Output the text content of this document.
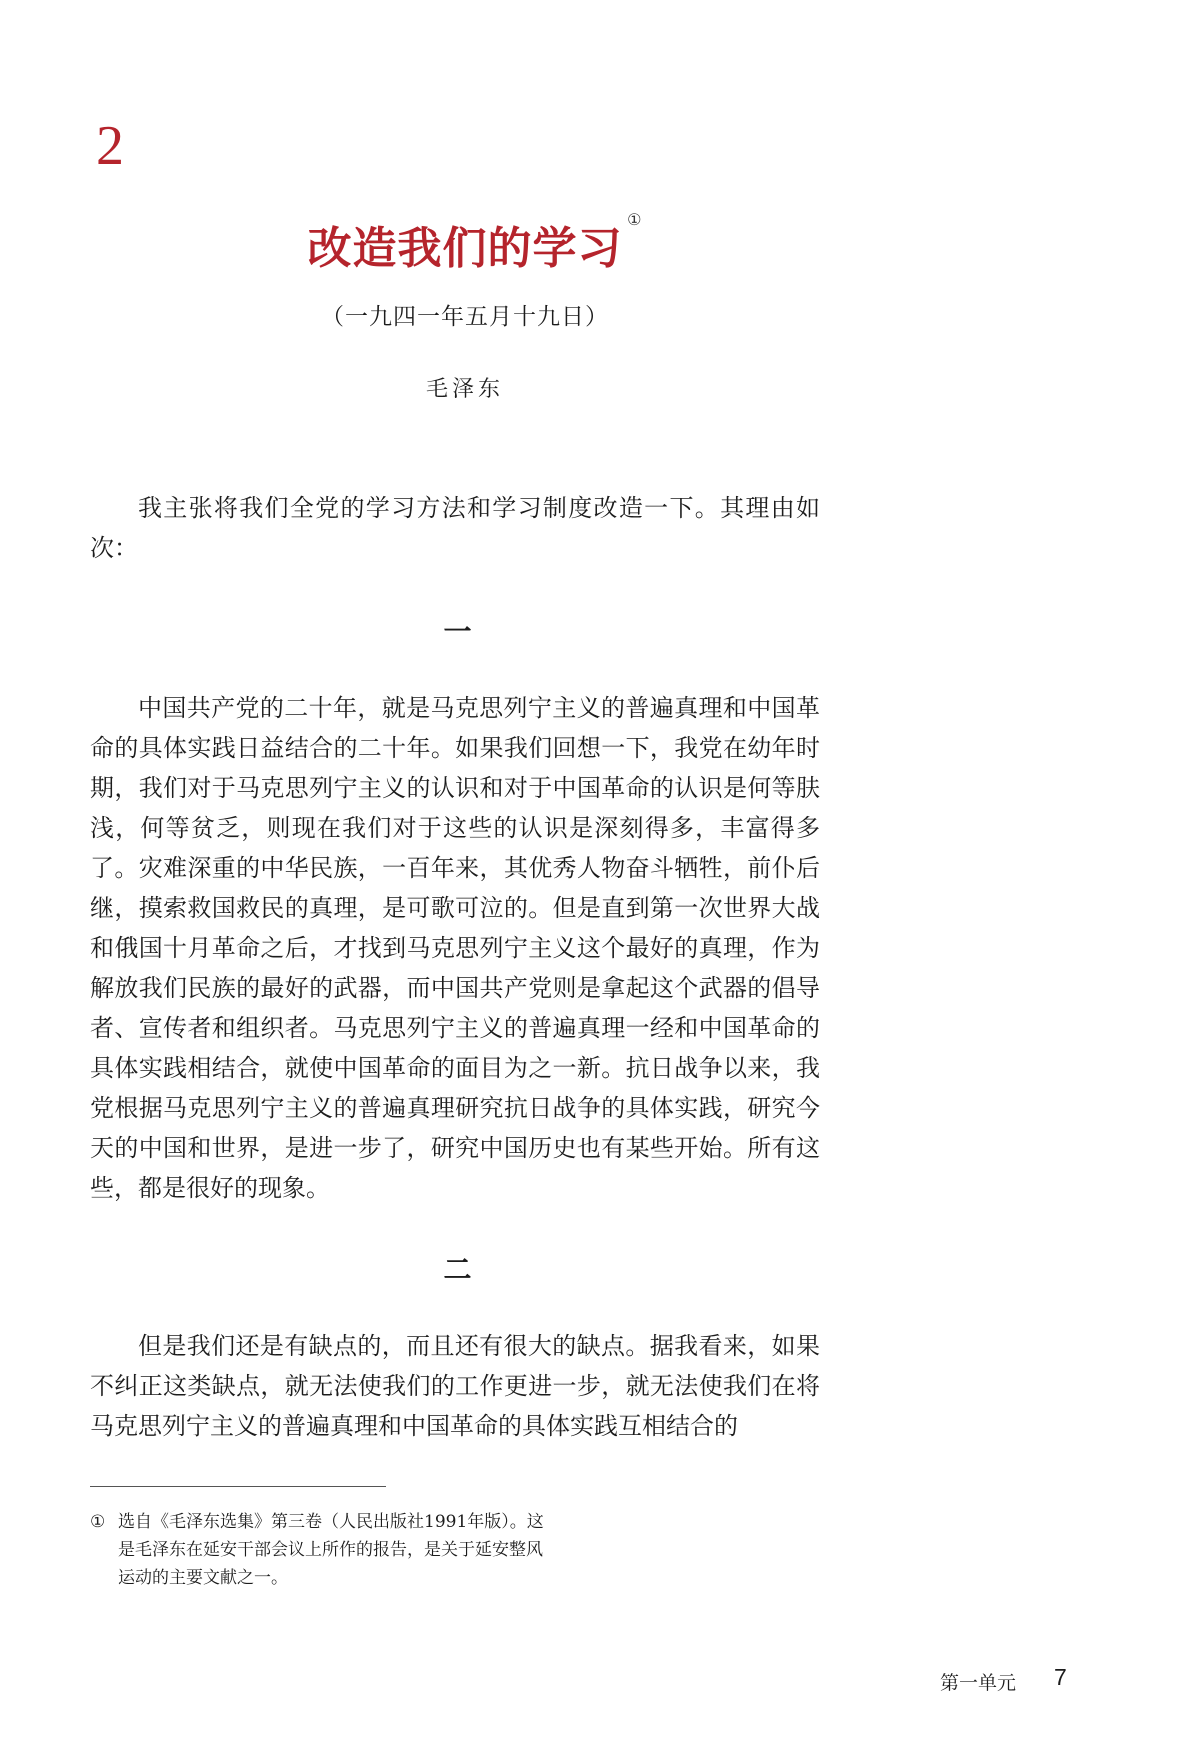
2
改造我们的学习
①
（一九四一年五月十九日）
毛泽东

我主张将我们全党的学习方法和学习制度改造一下。其理由如次：

一

中国共产党的二十年，就是马克思列宁主义的普遍真理和中国革命的具体实践日益结合的二十年。如果我们回想一下，我党在幼年时期，我们对于马克思列宁主义的认识和对于中国革命的认识是何等肤浅，何等贫乏，则现在我们对于这些的认识是深刻得多，丰富得多了。灾难深重的中华民族，一百年来，其优秀人物奋斗牺牲，前仆后继，摸索救国救民的真理，是可歌可泣的。但是直到第一次世界大战和俄国十月革命之后，才找到马克思列宁主义这个最好的真理，作为解放我们民族的最好的武器，而中国共产党则是拿起这个武器的倡导者、宣传者和组织者。马克思列宁主义的普遍真理一经和中国革命的具体实践相结合，就使中国革命的面目为之一新。抗日战争以来，我党根据马克思列宁主义的普遍真理研究抗日战争的具体实践，研究今天的中国和世界，是进一步了，研究中国历史也有某些开始。所有这些，都是很好的现象。

二

但是我们还是有缺点的，而且还有很大的缺点。据我看来，如果不纠正这类缺点，就无法使我们的工作更进一步，就无法使我们在将马克思列宁主义的普遍真理和中国革命的具体实践互相结合的

① 选自《毛泽东选集》第三卷（人民出版社1991年版）。这是毛泽东在延安干部会议上所作的报告，是关于延安整风运动的主要文献之一。
第一单元 7
